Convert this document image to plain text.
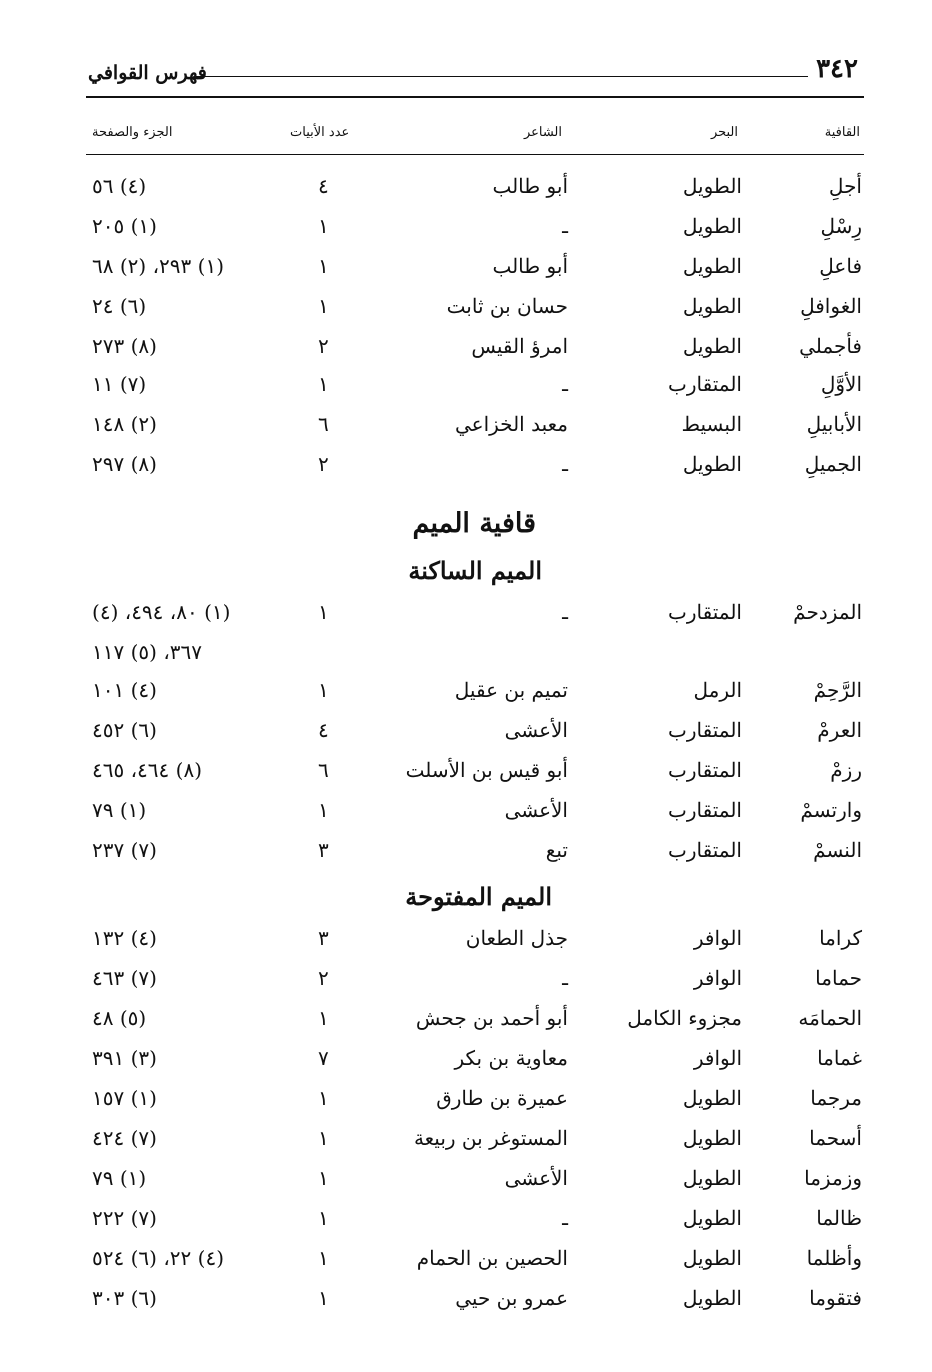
٣٤٢
فهرس القوافي
القافية
البحر
الشاعر
عدد الأبيات
الجزء والصفحة
أجلِ
الطويل
أبو طالب
٤
(٤) ٥٦
رِسْلِ
الطويل
ـ
١
(١) ٢٠٥
فاعلِ
الطويل
أبو طالب
١
(١) ٢٩٣، (٢) ٦٨
الغوافلِ
الطويل
حسان بن ثابت
١
(٦) ٢٤
فأجملي
الطويل
امرؤ القيس
٢
(٨) ٢٧٣
الأوَّلِ
المتقارب
ـ
١
(٧) ١١
الأبابيلِ
البسيط
معبد الخزاعي
٦
(٢) ١٤٨
الجميلِ
الطويل
ـ
٢
(٨) ٢٩٧
قافية الميم
الميم الساكنة
المزدحمْ
المتقارب
ـ
١
(١) ٨٠، ٤٩٤، (٤)
٣٦٧، (٥) ١١٧
الرَّحِمْ
الرمل
تميم بن عقيل
١
(٤) ١٠١
العرمْ
المتقارب
الأعشى
٤
(٦) ٤٥٢
رزمْ
المتقارب
أبو قيس بن الأسلت
٦
(٨) ٤٦٤، ٤٦٥
وارتسمْ
المتقارب
الأعشى
١
(١) ٧٩
النسمْ
المتقارب
تبع
٣
(٧) ٢٣٧
الميم المفتوحة
كراما
الوافر
جذل الطعان
٣
(٤) ١٣٢
حماما
الوافر
ـ
٢
(٧) ٤٦٣
الحمامَه
مجزوء الكامل
أبو أحمد بن جحش
١
(٥) ٤٨
غماما
الوافر
معاوية بن بكر
٧
(٣) ٣٩١
مرجما
الطويل
عميرة بن طارق
١
(١) ١٥٧
أسحما
الطويل
المستوغر بن ربيعة
١
(٧) ٤٢٤
وزمزما
الطويل
الأعشى
١
(١) ٧٩
ظالما
الطويل
ـ
١
(٧) ٢٢٢
وأظلما
الطويل
الحصين بن الحمام
١
(٤) ٢٢، (٦) ٥٢٤
فتقوما
الطويل
عمرو بن حيي
١
(٦) ٣٠٣
